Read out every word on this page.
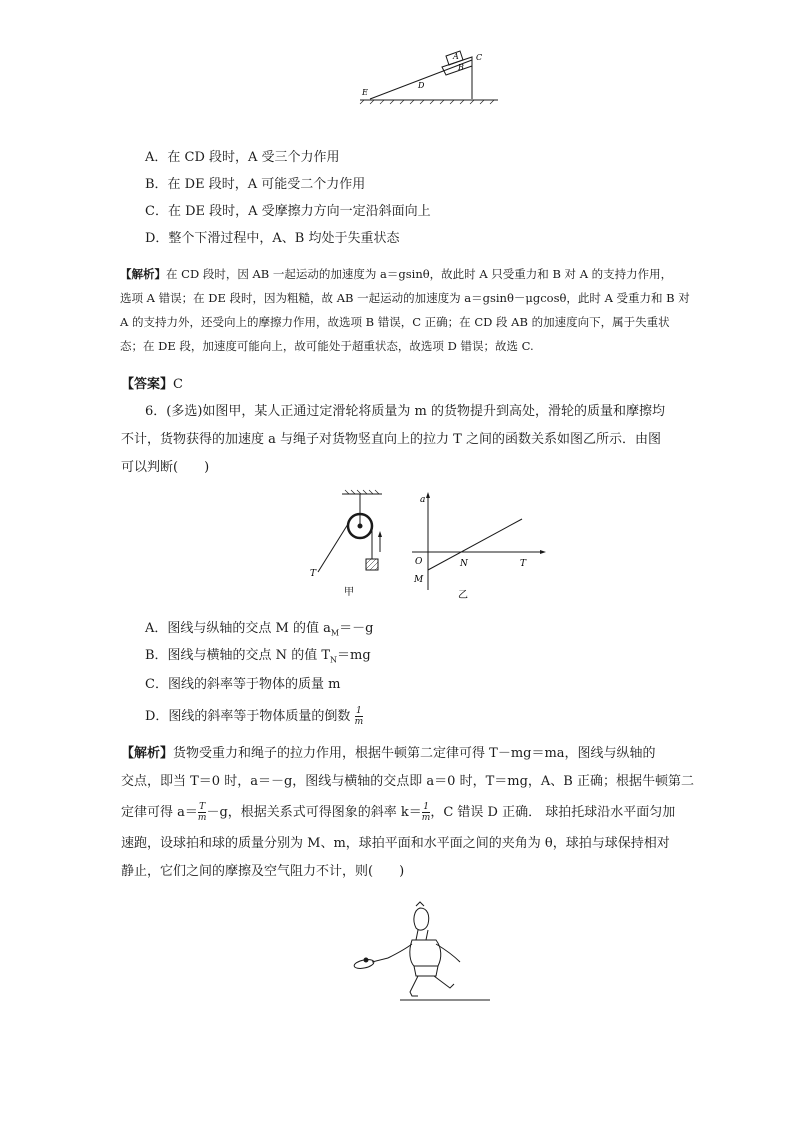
A
B
C
D
E
A．在 CD 段时，A 受三个力作用
B．在 DE 段时，A 可能受二个力作用
C．在 DE 段时，A 受摩擦力方向一定沿斜面向上
D．整个下滑过程中，A、B 均处于失重状态
【解析】在 CD 段时，因 AB 一起运动的加速度为 a＝gsinθ，故此时 A 只受重力和 B 对 A 的支持力作用，
选项 A 错误；在 DE 段时，因为粗糙，故 AB 一起运动的加速度为 a＝gsinθ－μgcosθ，此时 A 受重力和 B 对
A 的支持力外，还受向上的摩擦力作用，故选项 B 错误，C 正确；在 CD 段 AB 的加速度向下，属于失重状
态；在 DE 段，加速度可能向上，故可能处于超重状态，故选项 D 错误；故选 C.
【答案】C
6．(多选)如图甲，某人正通过定滑轮将质量为 m 的货物提升到高处，滑轮的质量和摩擦均
不计，货物获得的加速度 a 与绳子对货物竖直向上的拉力 T 之间的函数关系如图乙所示．由图
可以判断(　　)
T
甲
a
T
O
M
N
乙
A．图线与纵轴的交点 M 的值 $a_M=-g$
B．图线与横轴的交点 N 的值 $T_N=mg$
C．图线的斜率等于物体的质量 m
D．图线的斜率等于物体质量的倒数 $\frac{1}{m}$
【解析】货物受重力和绳子的拉力作用，根据牛顿第二定律可得 T－mg＝ma，图线与纵轴的
交点，即当 T＝0 时，a＝－g，图线与横轴的交点即 a＝0 时，T＝mg，A、B 正确；根据牛顿第二
定律可得 $a= \frac{T}{m} -g$，根据关系式可得图象的斜率 $k= \frac{1}{m}$ ，C 错误 D 正确． 球拍托球沿水平面匀加
速跑，设球拍和球的质量分别为 M、m，球拍平面和水平面之间的夹角为 θ，球拍与球保持相对
静止，它们之间的摩擦及空气阻力不计，则(　　)
